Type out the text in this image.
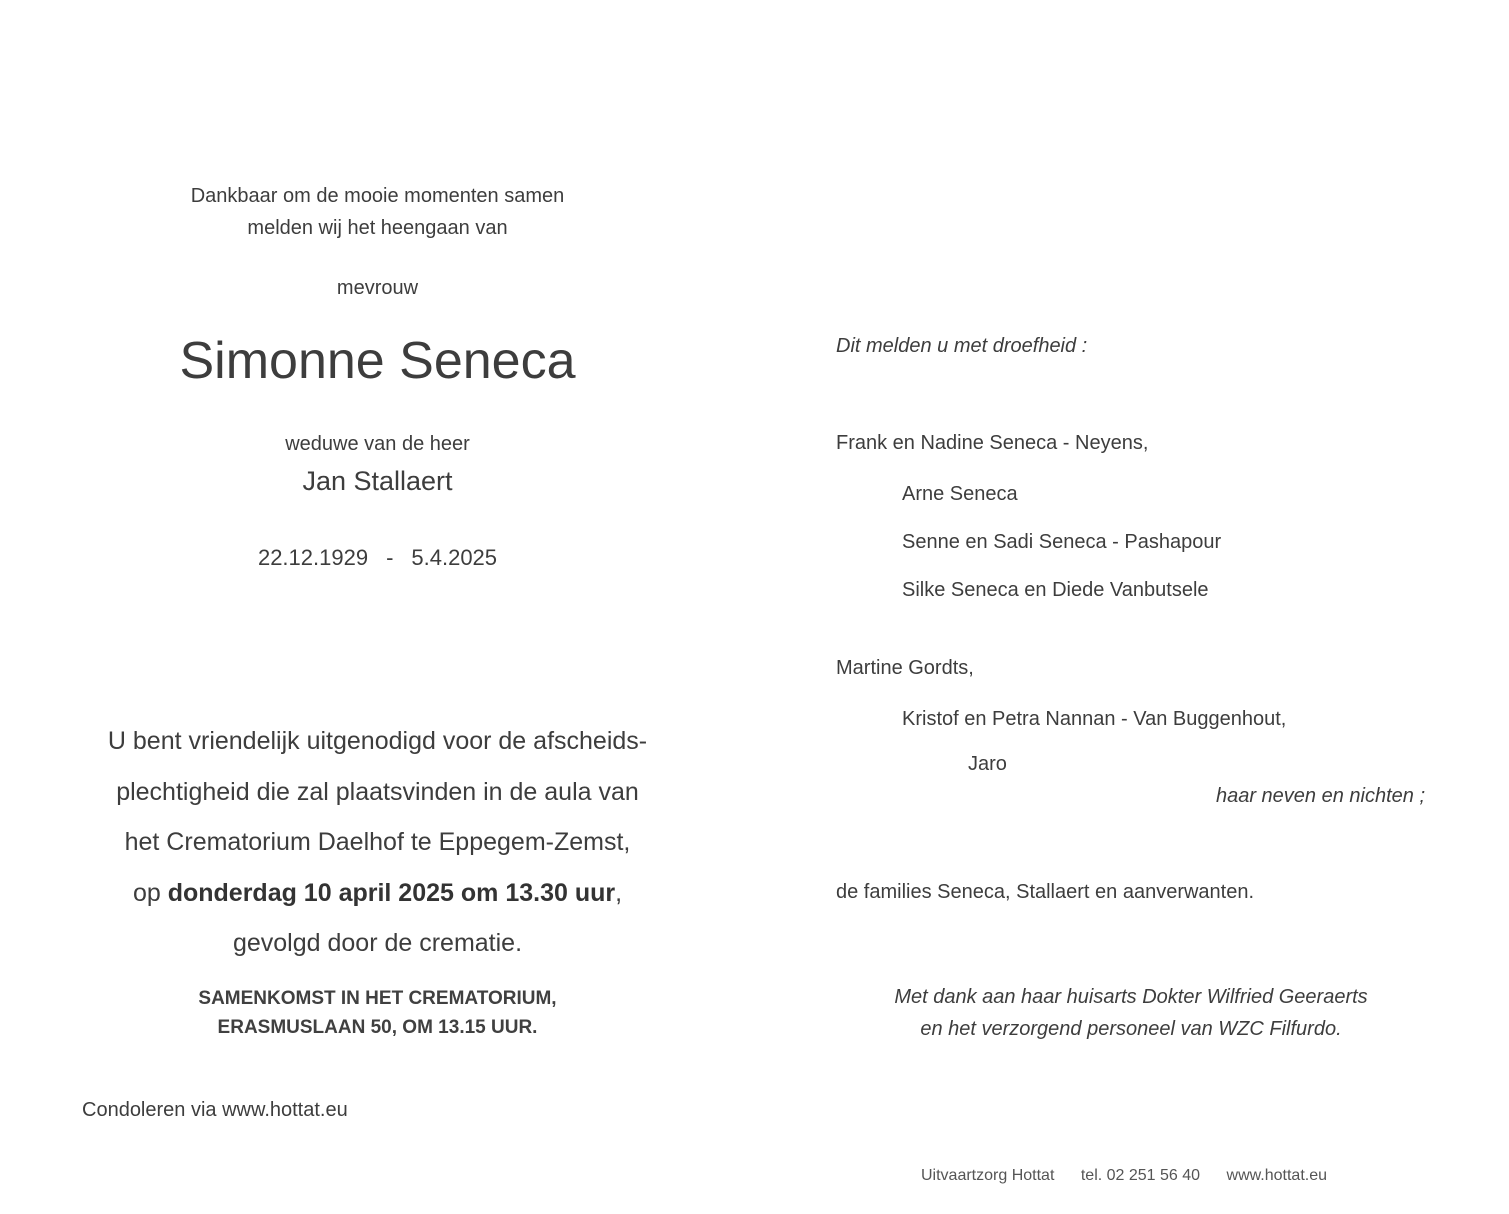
Dankbaar om de mooie momenten samen
melden wij het heengaan van
mevrouw
Simonne Seneca
weduwe van de heer
Jan Stallaert
22.12.1929 - 5.4.2025
U bent vriendelijk uitgenodigd voor de afscheids-
plechtigheid die zal plaatsvinden in de aula van
het Crematorium Daelhof te Eppegem-Zemst,
op donderdag 10 april 2025 om 13.30 uur,
gevolgd door de crematie.
SAMENKOMST IN HET CREMATORIUM,
ERASMUSLAAN 50, OM 13.15 UUR.
Condoleren via www.hottat.eu
Dit melden u met droefheid :
Frank en Nadine Seneca - Neyens,
Arne Seneca
Senne en Sadi Seneca - Pashapour
Silke Seneca en Diede Vanbutsele
Martine Gordts,
Kristof en Petra Nannan - Van Buggenhout,
Jaro
haar neven en nichten ;
de families Seneca, Stallaert en aanverwanten.
Met dank aan haar huisarts Dokter Wilfried Geeraerts
en het verzorgend personeel van WZC Filfurdo.
Uitvaartzorg Hottat tel. 02 251 56 40 www.hottat.eu
